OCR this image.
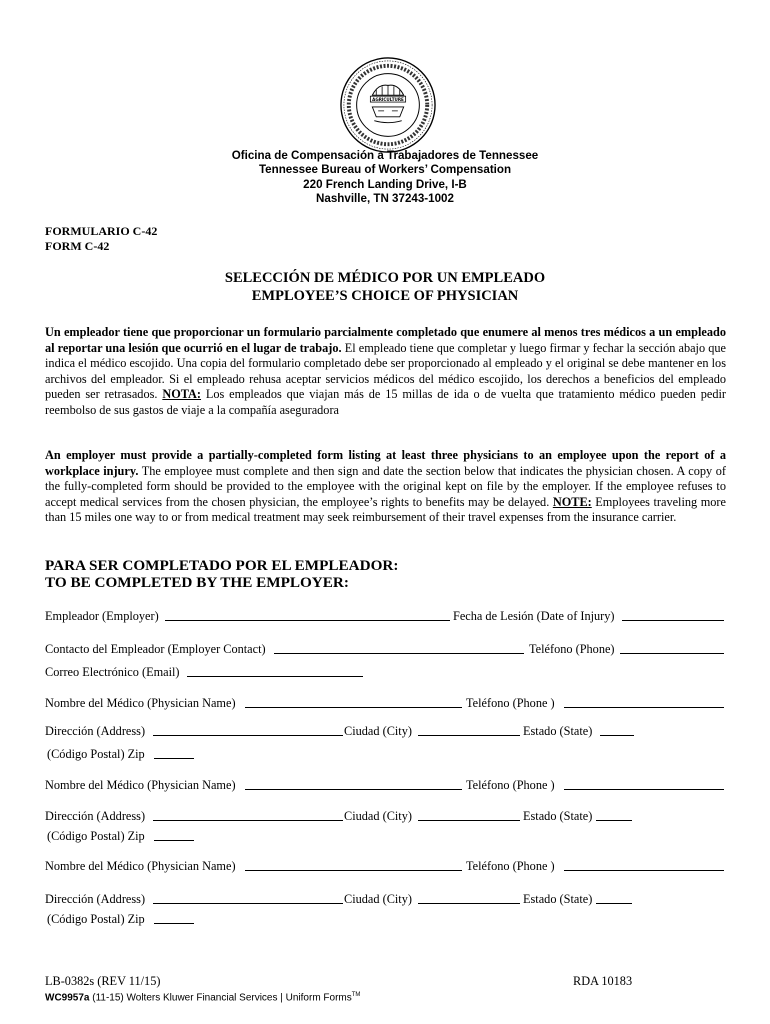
AGRICULTURE
Oficina de Compensación a Trabajadores de Tennessee
Tennessee Bureau of Workers’ Compensation
220 French Landing Drive, I-B
Nashville, TN 37243-1002
FORMULARIO C-42
FORM C-42
SELECCIÓN DE MÉDICO POR UN EMPLEADO
EMPLOYEE’S CHOICE OF PHYSICIAN
Un empleador tiene que proporcionar un formulario parcialmente completado que enumere al menos tres médicos a un empleado al reportar una lesión que ocurrió en el lugar de trabajo. El empleado tiene que completar y luego firmar y fechar la sección abajo que indica el médico escojido. Una copia del formulario completado debe ser proporcionado al empleado y el original se debe mantener en los archivos del empleador. Si el empleado rehusa aceptar servicios médicos del médico escojido, los derechos a beneficios del empleado pueden ser retrasados. NOTA: Los empleados que viajan más de 15 millas de ida o de vuelta que tratamiento médico pueden pedir reembolso de sus gastos de viaje a la compañía aseguradora
An employer must provide a partially-completed form listing at least three physicians to an employee upon the report of a workplace injury. The employee must complete and then sign and date the section below that indicates the physician chosen. A copy of the fully-completed form should be provided to the employee with the original kept on file by the employer. If the employee refuses to accept medical services from the chosen physician, the employee’s rights to benefits may be delayed. NOTE: Employees traveling more than 15 miles one way to or from medical treatment may seek reimbursement of their travel expenses from the insurance carrier.
PARA SER COMPLETADO POR EL EMPLEADOR:
TO BE COMPLETED BY THE EMPLOYER:
Empleador (Employer)	Fecha de Lesión (Date of Injury)
Contacto del Empleador (Employer Contact)	Teléfono (Phone)
Correo Electrónico (Email)
Nombre del Médico (Physician Name)	Teléfono (Phone )
Dirección (Address)	Ciudad (City)	Estado (State)
(Código Postal) Zip
Nombre del Médico (Physician Name)	Teléfono (Phone )
Dirección (Address)	Ciudad (City)	Estado (State)
(Código Postal) Zip
Nombre del Médico (Physician Name)	Teléfono (Phone )
Dirección (Address)	Ciudad (City)	Estado (State)
(Código Postal) Zip
LB-0382s (REV 11/15)	RDA 10183
WC9957a (11-15) Wolters Kluwer Financial Services | Uniform Forms™
